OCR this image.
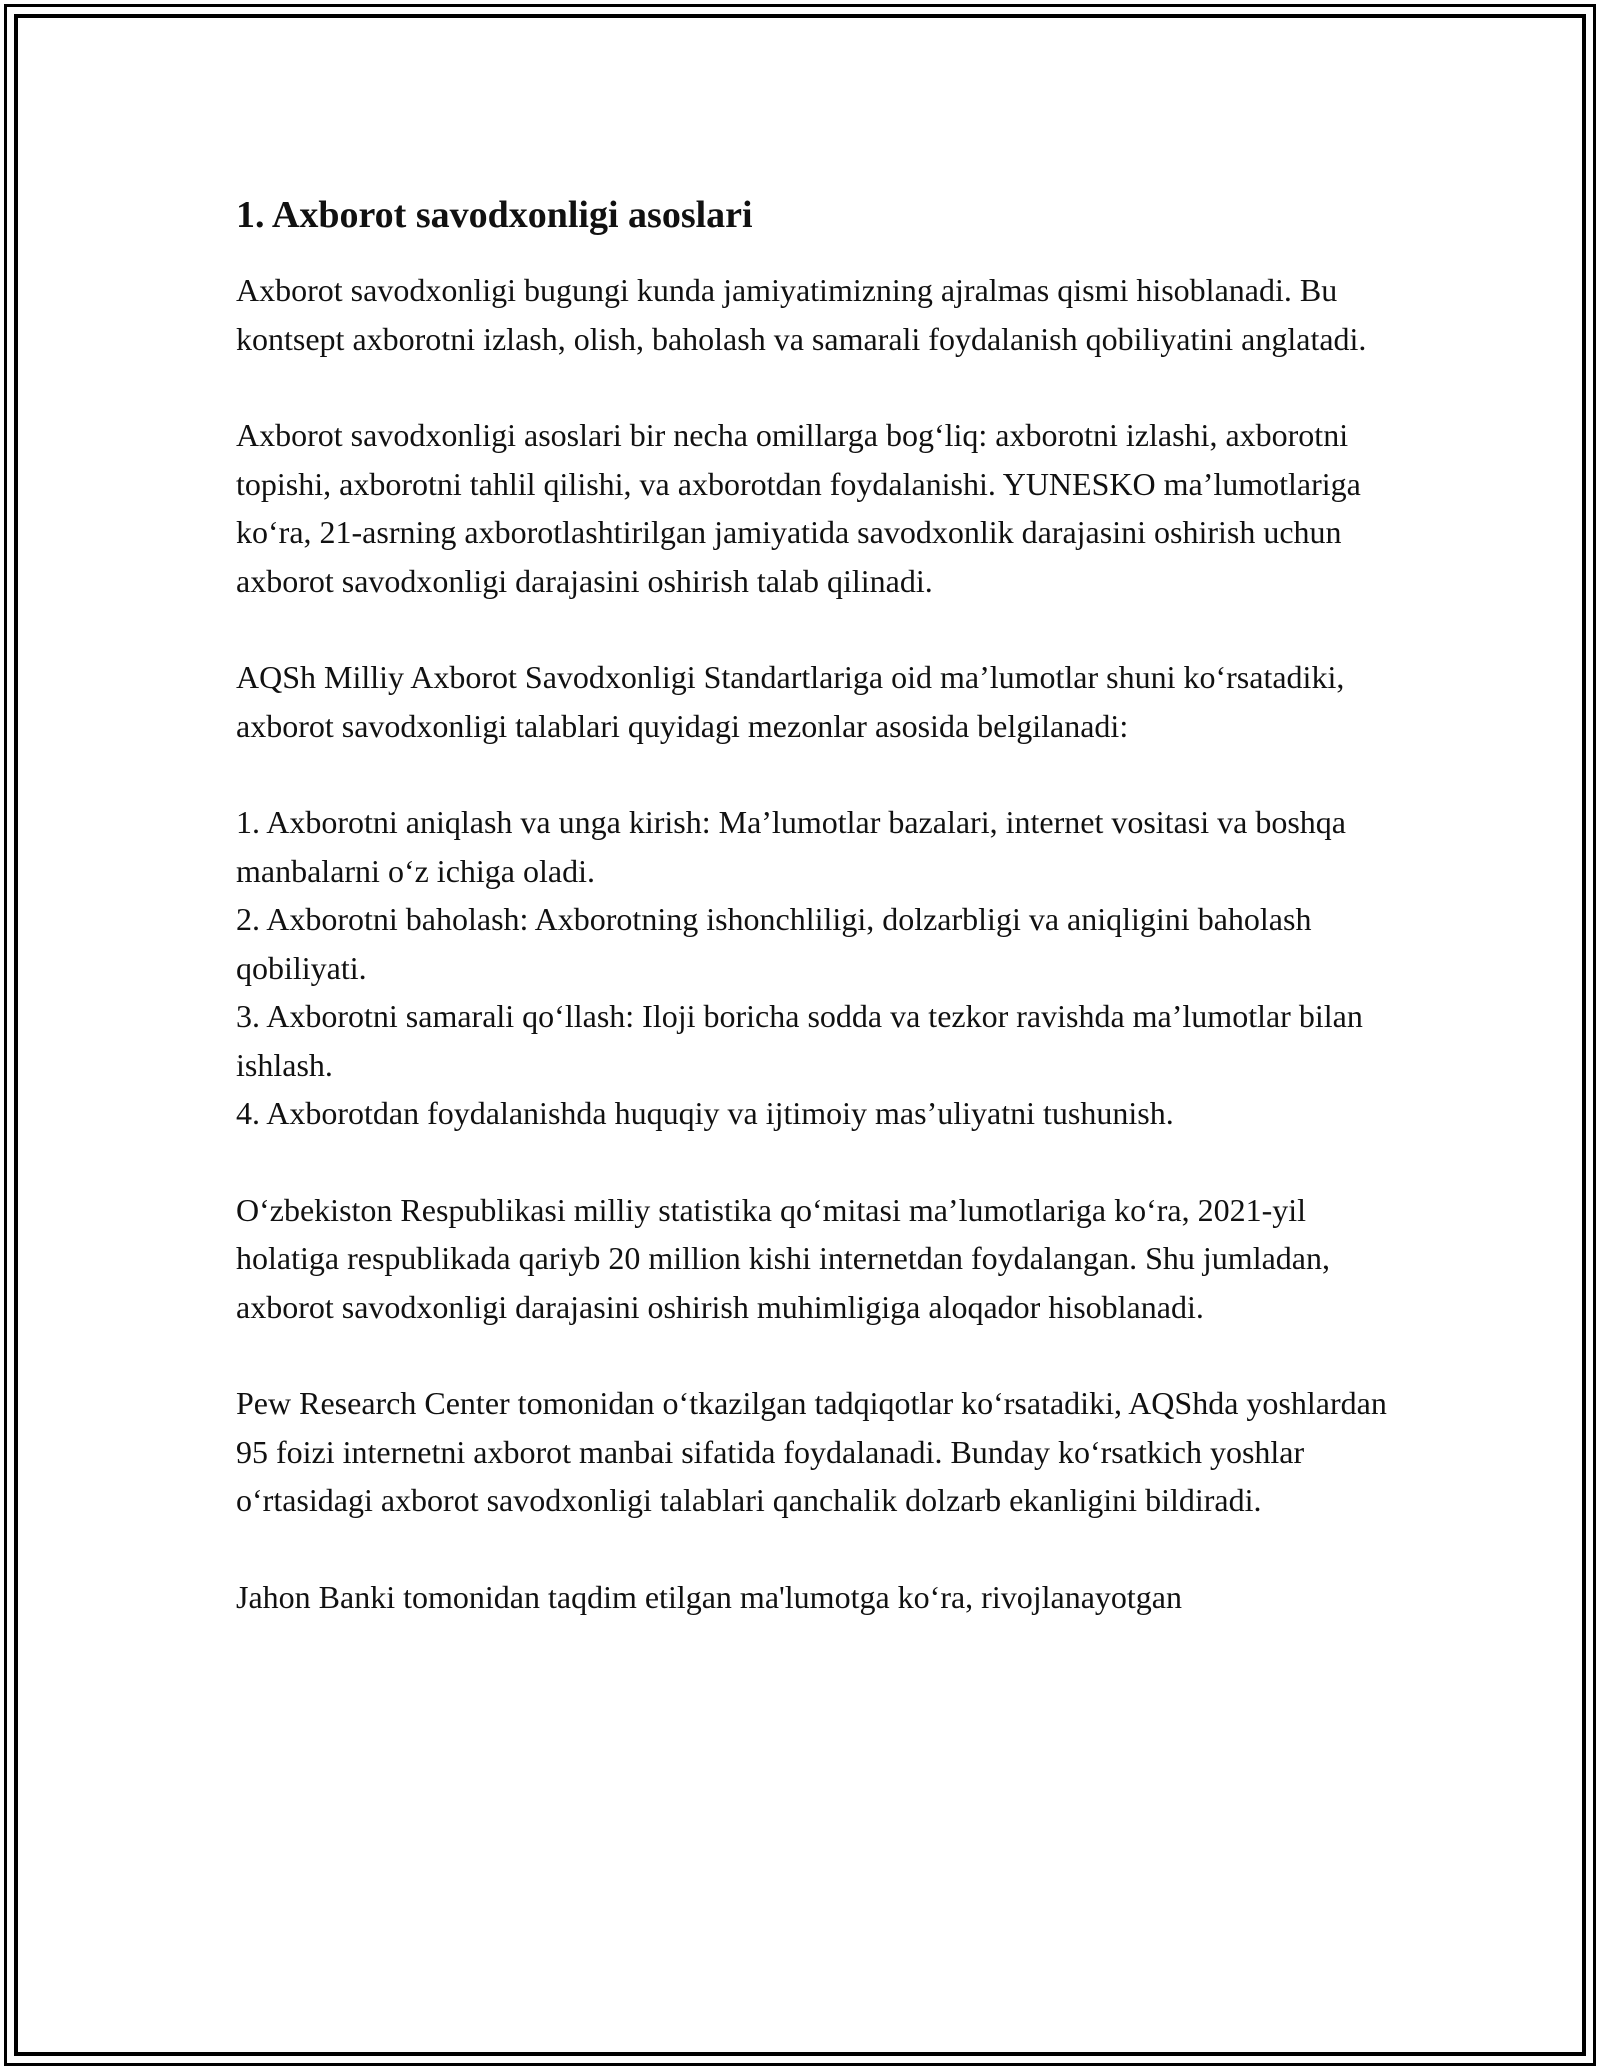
1. Axborot savodxonligi asoslari

Axborot savodxonligi bugungi kunda jamiyatimizning ajralmas qismi hisoblanadi. Bu kontsept axborotni izlash, olish, baholash va samarali foydalanish qobiliyatini anglatadi.

Axborot savodxonligi asoslari bir necha omillarga bog‘liq: axborotni izlashi, axborotni topishi, axborotni tahlil qilishi, va axborotdan foydalanishi. YUNESKO ma’lumotlariga ko‘ra, 21-asrning axborotlashtirilgan jamiyatida savodxonlik darajasini oshirish uchun axborot savodxonligi darajasini oshirish talab qilinadi.

AQSh Milliy Axborot Savodxonligi Standartlariga oid ma’lumotlar shuni ko‘rsatadiki, axborot savodxonligi talablari quyidagi mezonlar asosida belgilanadi:

1. Axborotni aniqlash va unga kirish: Ma’lumotlar bazalari, internet vositasi va boshqa manbalarni o‘z ichiga oladi.
2. Axborotni baholash: Axborotning ishonchliligi, dolzarbligi va aniqligini baholash qobiliyati.
3. Axborotni samarali qo‘llash: Iloji boricha sodda va tezkor ravishda ma’lumotlar bilan ishlash.
4. Axborotdan foydalanishda huquqiy va ijtimoiy mas’uliyatni tushunish.

O‘zbekiston Respublikasi milliy statistika qo‘mitasi ma’lumotlariga ko‘ra, 2021-yil holatiga respublikada qariyb 20 million kishi internetdan foydalangan. Shu jumladan, axborot savodxonligi darajasini oshirish muhimligiga aloqador hisoblanadi.

Pew Research Center tomonidan o‘tkazilgan tadqiqotlar ko‘rsatadiki, AQShda yoshlardan 95 foizi internetni axborot manbai sifatida foydalanadi. Bunday ko‘rsatkich yoshlar o‘rtasidagi axborot savodxonligi talablari qanchalik dolzarb ekanligini bildiradi.

Jahon Banki tomonidan taqdim etilgan ma'lumotga ko‘ra, rivojlanayotgan
